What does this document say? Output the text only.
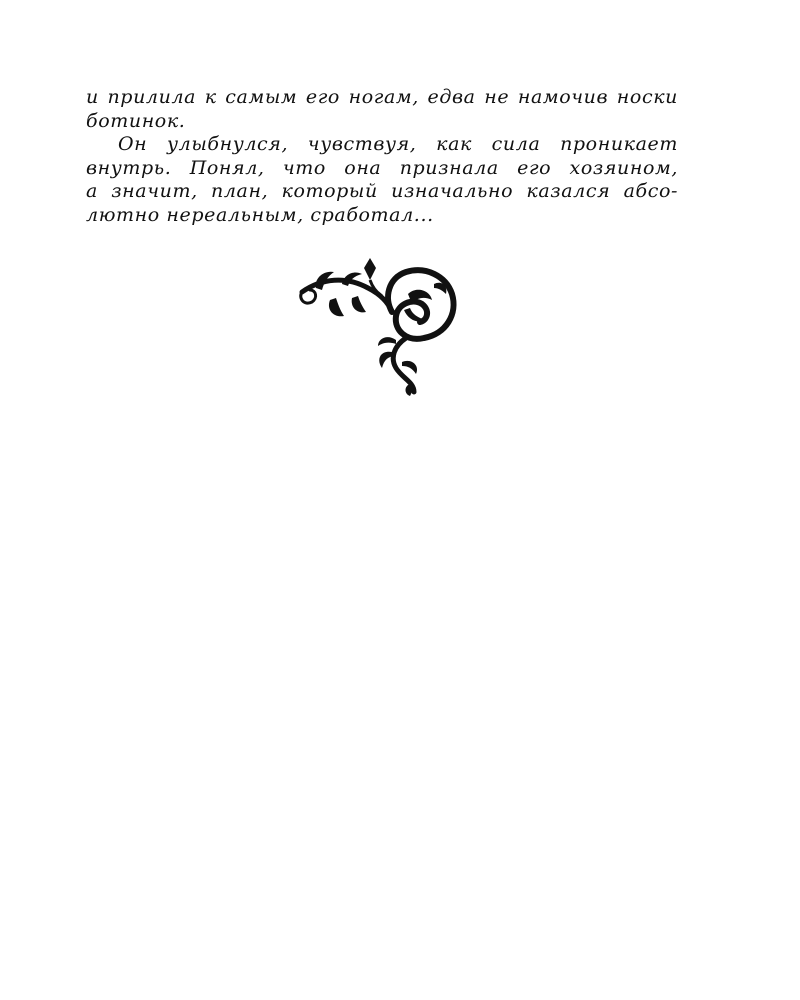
и прилила к самым его ногам, едва не намочив носки
ботинок.
Он улыбнулся, чувствуя, как сила проникает
внутрь. Понял, что она признала его хозяином,
а значит, план, который изначально казался абсо-
лютно нереальным, сработал...
